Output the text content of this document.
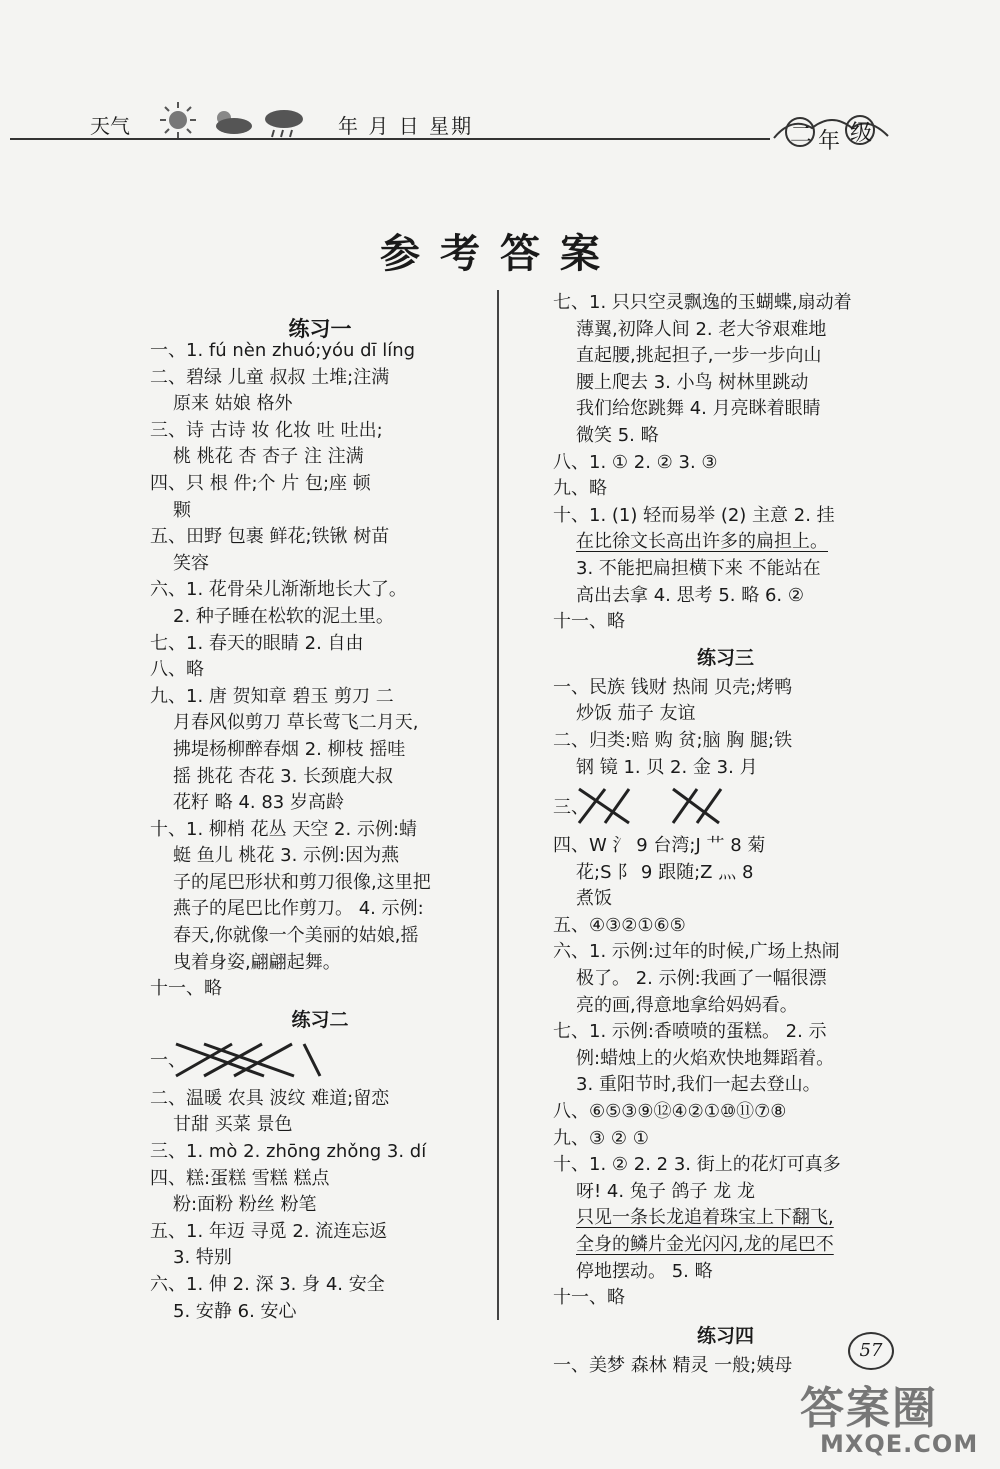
天气	年 月 日 星期	二 年 级
参考答案
练习一
一、1. fú nèn zhuó;yóu dī líng
二、碧绿 儿童 叔叔 土堆;注满
原来 姑娘 格外
三、诗 古诗 妆 化妆 吐 吐出;
桃 桃花 杏 杏子 注 注满
四、只 根 件;个 片 包;座 顿
颗
五、田野 包裹 鲜花;铁锹 树苗
笑容
六、1. 花骨朵儿渐渐地长大了。
2. 种子睡在松软的泥土里。
七、1. 春天的眼睛 2. 自由
八、略
九、1. 唐 贺知章 碧玉 剪刀 二
月春风似剪刀 草长莺飞二月天,
拂堤杨柳醉春烟 2. 柳枝 摇哇
摇 挑花 杏花 3. 长颈鹿大叔
花籽 略 4. 83 岁高龄
十、1. 柳梢 花丛 天空 2. 示例:蜻
蜓 鱼儿 桃花 3. 示例:因为燕
子的尾巴形状和剪刀很像,这里把
燕子的尾巴比作剪刀。 4. 示例:
春天,你就像一个美丽的姑娘,摇
曳着身姿,翩翩起舞。
十一、略
练习二
一、
二、温暖 农具 波纹 难道;留恋
甘甜 买菜 景色
三、1. mò 2. zhōng zhǒng 3. dí
四、糕:蛋糕 雪糕 糕点
粉:面粉 粉丝 粉笔
五、1. 年迈 寻觅 2. 流连忘返
3. 特别
六、1. 伸 2. 深 3. 身 4. 安全
5. 安静 6. 安心
七、1. 只只空灵飘逸的玉蝴蝶,扇动着
薄翼,初降人间 2. 老大爷艰难地
直起腰,挑起担子,一步一步向山
腰上爬去 3. 小鸟 树林里跳动
我们给您跳舞 4. 月亮眯着眼睛
微笑 5. 略
八、1. ① 2. ② 3. ③
九、略
十、1. (1) 轻而易举 (2) 主意 2. 挂
在比徐文长高出许多的扁担上。
3. 不能把扁担横下来 不能站在
高出去拿 4. 思考 5. 略 6. ②
十一、略
练习三
一、民族 钱财 热闹 贝壳;烤鸭
炒饭 茄子 友谊
二、归类:赔 购 贫;脑 胸 腿;铁
钢 镜 1. 贝 2. 金 3. 月
三、
四、W 氵 9 台湾;J 艹 8 菊
花;S 阝 9 跟随;Z 灬 8
煮饭
五、④③②①⑥⑤
六、1. 示例:过年的时候,广场上热闹
极了。 2. 示例:我画了一幅很漂
亮的画,得意地拿给妈妈看。
七、1. 示例:香喷喷的蛋糕。 2. 示
例:蜡烛上的火焰欢快地舞蹈着。
3. 重阳节时,我们一起去登山。
八、⑥⑤③⑨⑫④②①⑩⑪⑦⑧
九、③ ② ①
十、1. ② 2. 2 3. 街上的花灯可真多
呀! 4. 兔子 鸽子 龙 龙
只见一条长龙追着珠宝上下翻飞,
全身的鳞片金光闪闪,龙的尾巴不
停地摆动。 5. 略
十一、略
练习四
一、美梦 森林 精灵 一般;姨母
57
答案圈
MXQE.COM
